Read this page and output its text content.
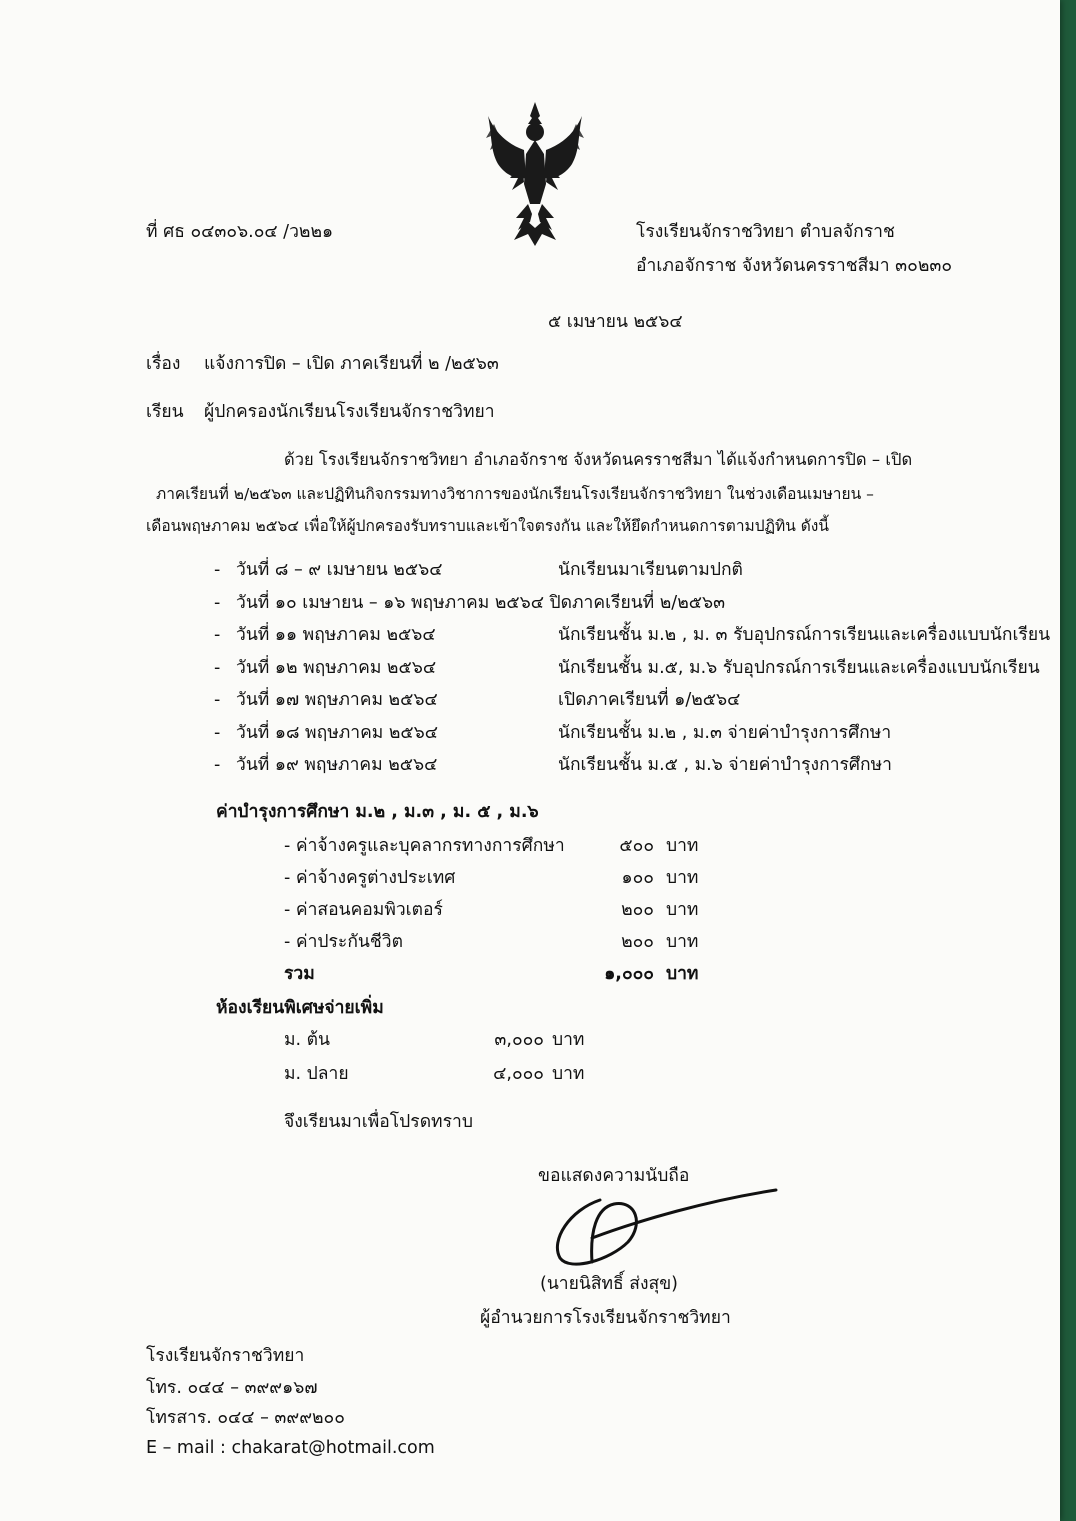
ที่ ศธ ๐๔๓๐๖.๐๔ /ว๒๒๑	โรงเรียนจักราชวิทยา ตำบลจักราช
อำเภอจักราช จังหวัดนครราชสีมา ๓๐๒๓๐
๕ เมษายน ๒๕๖๔
เรื่อง แจ้งการปิด – เปิด ภาคเรียนที่ ๒ /๒๕๖๓
เรียน ผู้ปกครองนักเรียนโรงเรียนจักราชวิทยา
ด้วย โรงเรียนจักราชวิทยา อำเภอจักราช จังหวัดนครราชสีมา ได้แจ้งกำหนดการปิด – เปิด
ภาคเรียนที่ ๒/๒๕๖๓ และปฏิทินกิจกรรมทางวิชาการของนักเรียนโรงเรียนจักราชวิทยา ในช่วงเดือนเมษายน –
เดือนพฤษภาคม ๒๕๖๔ เพื่อให้ผู้ปกครองรับทราบและเข้าใจตรงกัน และให้ยึดกำหนดการตามปฏิทิน ดังนี้
- วันที่ ๘ – ๙ เมษายน ๒๕๖๔	นักเรียนมาเรียนตามปกติ
- วันที่ ๑๐ เมษายน – ๑๖ พฤษภาคม ๒๕๖๔ ปิดภาคเรียนที่ ๒/๒๕๖๓
- วันที่ ๑๑ พฤษภาคม ๒๕๖๔	นักเรียนชั้น ม.๒ , ม. ๓ รับอุปกรณ์การเรียนและเครื่องแบบนักเรียน
- วันที่ ๑๒ พฤษภาคม ๒๕๖๔	นักเรียนชั้น ม.๕, ม.๖ รับอุปกรณ์การเรียนและเครื่องแบบนักเรียน
- วันที่ ๑๗ พฤษภาคม ๒๕๖๔	เปิดภาคเรียนที่ ๑/๒๕๖๔
- วันที่ ๑๘ พฤษภาคม ๒๕๖๔	นักเรียนชั้น ม.๒ , ม.๓ จ่ายค่าบำรุงการศึกษา
- วันที่ ๑๙ พฤษภาคม ๒๕๖๔	นักเรียนชั้น ม.๕ , ม.๖ จ่ายค่าบำรุงการศึกษา
ค่าบำรุงการศึกษา ม.๒ , ม.๓ , ม. ๕ , ม.๖
- ค่าจ้างครูและบุคลากรทางการศึกษา	๕๐๐ บาท
- ค่าจ้างครูต่างประเทศ	๑๐๐ บาท
- ค่าสอนคอมพิวเตอร์	๒๐๐ บาท
- ค่าประกันชีวิต	๒๐๐ บาท
รวม	๑,๐๐๐ บาท
ห้องเรียนพิเศษจ่ายเพิ่ม
ม. ต้น	๓,๐๐๐ บาท
ม. ปลาย	๔,๐๐๐ บาท
จึงเรียนมาเพื่อโปรดทราบ
ขอแสดงความนับถือ
(นายนิสิทธิ์ ส่งสุข)
ผู้อำนวยการโรงเรียนจักราชวิทยา
โรงเรียนจักราชวิทยา
โทร. ๐๔๔ – ๓๙๙๑๖๗
โทรสาร. ๐๔๔ – ๓๙๙๒๐๐
E – mail : chakarat@hotmail.com
